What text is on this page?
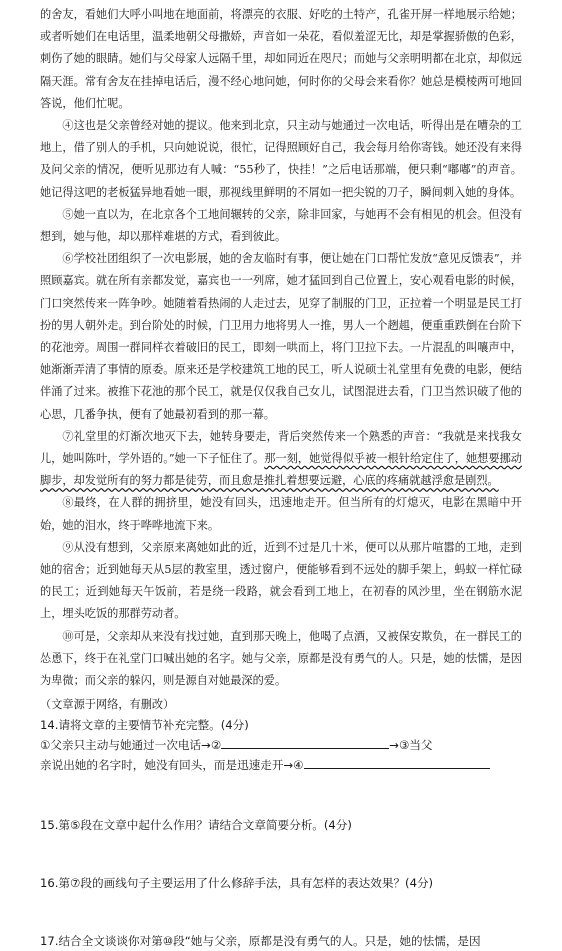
的舍友，看她们大呼小叫地在地面前，将漂亮的衣服、好吃的土特产，孔雀开屏一样地展示给她；或者听她们在电话里，温柔地朝父母撒娇，声音如一朵花，看似羞涩无比，却是掌握骄傲的色彩，刺伤了她的眼睛。她们与父母家人远隔千里，却如同近在咫尺；而她与父亲明明都在北京，却似远隔天涯。常有舍友在挂掉电话后，漫不经心地问她，何时你的父母会来看你？她总是模棱两可地回答说，他们忙呢。

④这也是父亲曾经对她的提议。他来到北京，只主动与她通过一次电话，听得出是在嘈杂的工地上，借了别人的手机，只向她说说，很忙，记得照顾好自己，我会每月给你寄钱。她还没有来得及问父亲的情况，便听见那边有人喊：“55秒了，快挂！”之后电话那端，便只剩“嘟嘟”的声音。她记得这吧的老板猛异地看她一眼，那视线里鲜明的不屑如一把尖锐的刀子，瞬间刺入她的身体。

⑤她一直以为，在北京各个工地间辗转的父亲，除非回家，与她再不会有相见的机会。但没有想到，她与他，却以那样难堪的方式，看到彼此。

⑥学校社团组织了一次电影展，她的舍友临时有事，便让她在门口帮忙发放“意见反馈表”，并照顾嘉宾。就在所有亲都发觉，嘉宾也一一列席，她才猛回到自己位置上，安心观看电影的时候，门口突然传来一阵争吵。她随着看热闹的人走过去，见穿了制服的门卫，正拉着一个明显是民工打扮的男人朝外走。到台阶处的时候，门卫用力地将男人一推，男人一个趔趄，便重重跌倒在台阶下的花池旁。周围一群同样衣着破旧的民工，即刻一哄而上，将门卫拉下去。一片混乱的叫嚷声中，她渐渐弄清了事情的原委。原来还是学校建筑工地的民工，听人说硕士礼堂里有免费的电影，便结伴涌了过来。被推下花池的那个民工，就是仅仅我自己女儿，试图混进去看，门卫当然识破了他的心思，几番争执，便有了她最初看到的那一幕。

⑦礼堂里的灯渐次地灭下去，她转身要走，背后突然传来一个熟悉的声音：“我就是来找我女儿，她叫陈叶，学外语的。”她一下子怔住了。那一刻，她觉得似乎被一根针给定住了，她想要挪动脚步，却发觉所有的努力都是徒劳，而且愈是推扎着想要远避，心底的疼痛就越浮愈是剧烈。

⑧最终，在人群的拥挤里，她没有回头，迅速地走开。但当所有的灯熄灭，电影在黑暗中开始，她的泪水，终于哗哗地流下来。

⑨从没有想到，父亲原来离她如此的近，近到不过是几十米，便可以从那片喧嚣的工地，走到她的宿舍；近到她每天从5层的教室里，透过窗户，便能够看到不远处的脚手架上，蚂蚁一样忙碌的民工；近到她每天午饭前，若是绕一段路，就会看到工地上，在初春的风沙里，坐在钢筋水泥上，埋头吃饭的那群劳动者。

⑩可是，父亲却从来没有找过她，直到那天晚上，他喝了点酒，又被保安欺负，在一群民工的怂恿下，终于在礼堂门口喊出她的名字。她与父亲，原都是没有勇气的人。只是，她的怯懦，是因为卑微；而父亲的躲闪，则是源自对她最深的爱。

（文章源于网络，有删改）

14.请将文章的主要情节补充完整。(4分)

①父亲只主动与她通过一次电话→②	→③当父

亲说出她的名字时，她没有回头，而是迅速走开→④

15.第⑤段在文章中起什么作用？请结合文章简要分析。(4分)

16.第⑦段的画线句子主要运用了什么修辞手法，具有怎样的表达效果？(4分)

17.结合全文谈谈你对第⑩段“她与父亲，原都是没有勇气的人。只是，她的怯懦，是因
